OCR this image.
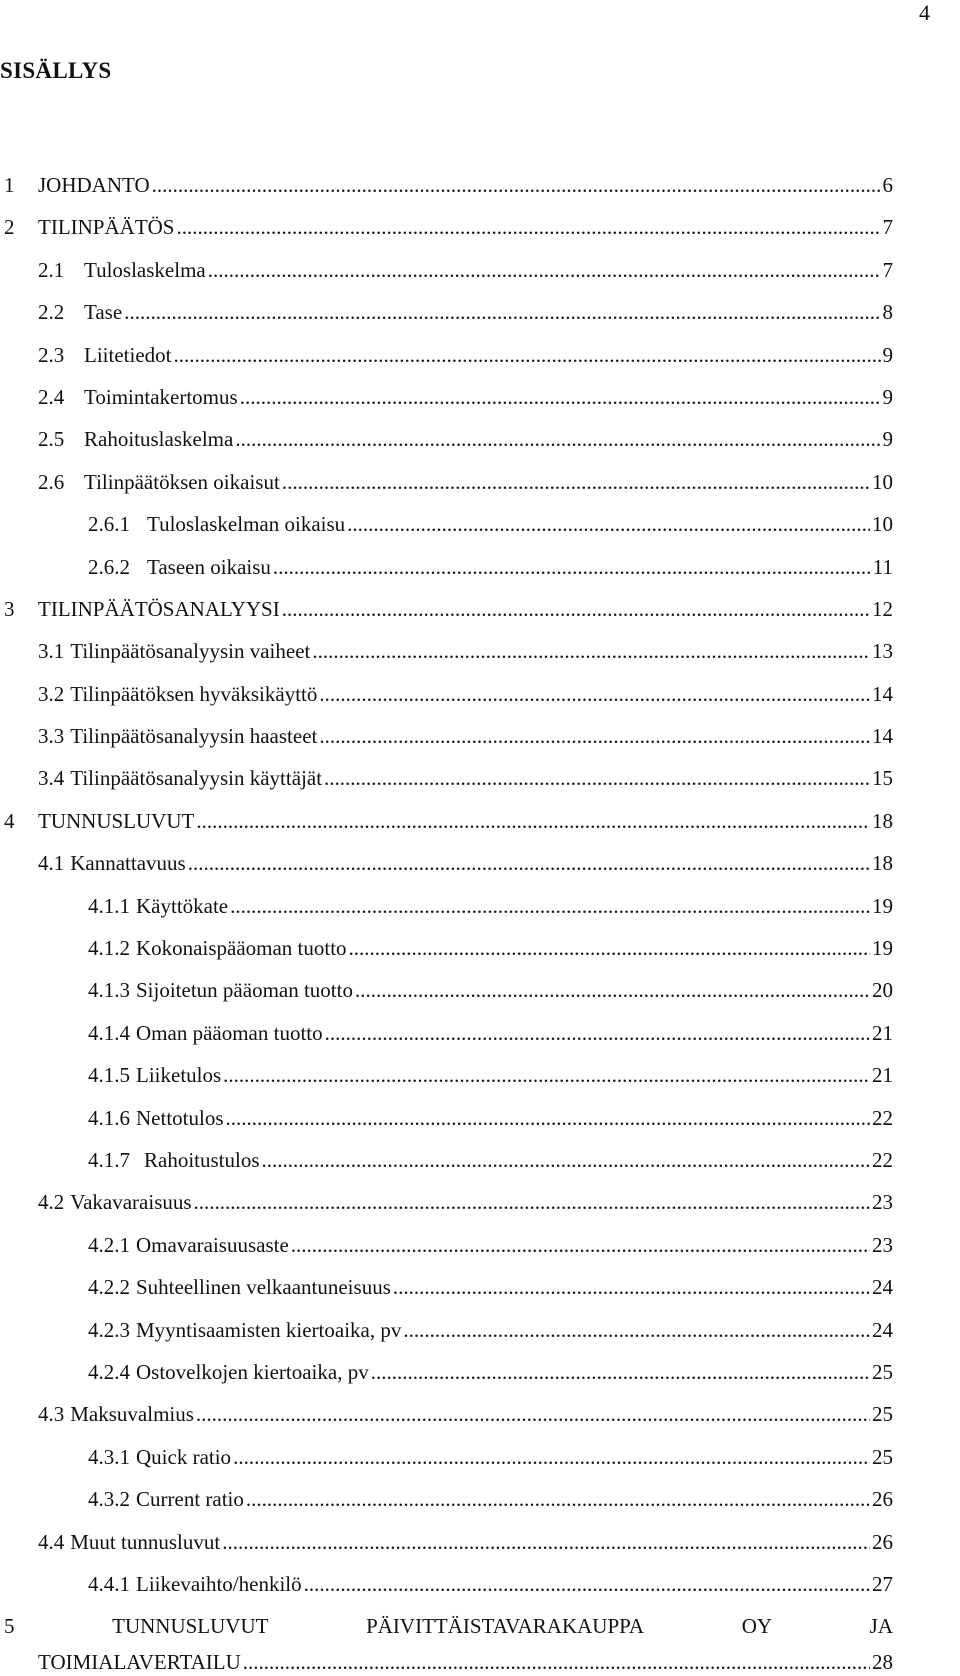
4
SISÄLLYS
1	JOHDANTO .....	6
2	TILINPÄÄTÖS .....	7
2.1 Tuloslaskelma .....	7
2.2 Tase .....	8
2.3 Liitetiedot .....	9
2.4 Toimintakertomus .....	9
2.5 Rahoituslaskelma .....	9
2.6 Tilinpäätöksen oikaisut .....	10
2.6.1 Tuloslaskelman oikaisu .....	10
2.6.2 Taseen oikaisu .....	11
3	TILINPÄÄTÖSANALYYSI .....	12
3.1 Tilinpäätösanalyysin vaiheet .....	13
3.2 Tilinpäätöksen hyväksikäyttö .....	14
3.3 Tilinpäätösanalyysin haasteet .....	14
3.4 Tilinpäätösanalyysin käyttäjät .....	15
4	TUNNUSLUVUT .....	18
4.1 Kannattavuus .....	18
4.1.1 Käyttökate .....	19
4.1.2 Kokonaispääoman tuotto .....	19
4.1.3 Sijoitetun pääoman tuotto .....	20
4.1.4 Oman pääoman tuotto .....	21
4.1.5 Liiketulos .....	21
4.1.6 Nettotulos .....	22
4.1.7 Rahoitustulos .....	22
4.2 Vakavaraisuus .....	23
4.2.1 Omavaraisuusaste .....	23
4.2.2 Suhteellinen velkaantuneisuus .....	24
4.2.3 Myyntisaamisten kiertoaika, pv .....	24
4.2.4 Ostovelkojen kiertoaika, pv .....	25
4.3 Maksuvalmius .....	25
4.3.1 Quick ratio .....	25
4.3.2 Current ratio .....	26
4.4 Muut tunnusluvut .....	26
4.4.1 Liikevaihto/henkilö .....	27
5	TUNNUSLUVUT	PÄIVITTÄISTAVARAKAUPPA	OY	JA
TOIMIALAVERTAILU .....	28
